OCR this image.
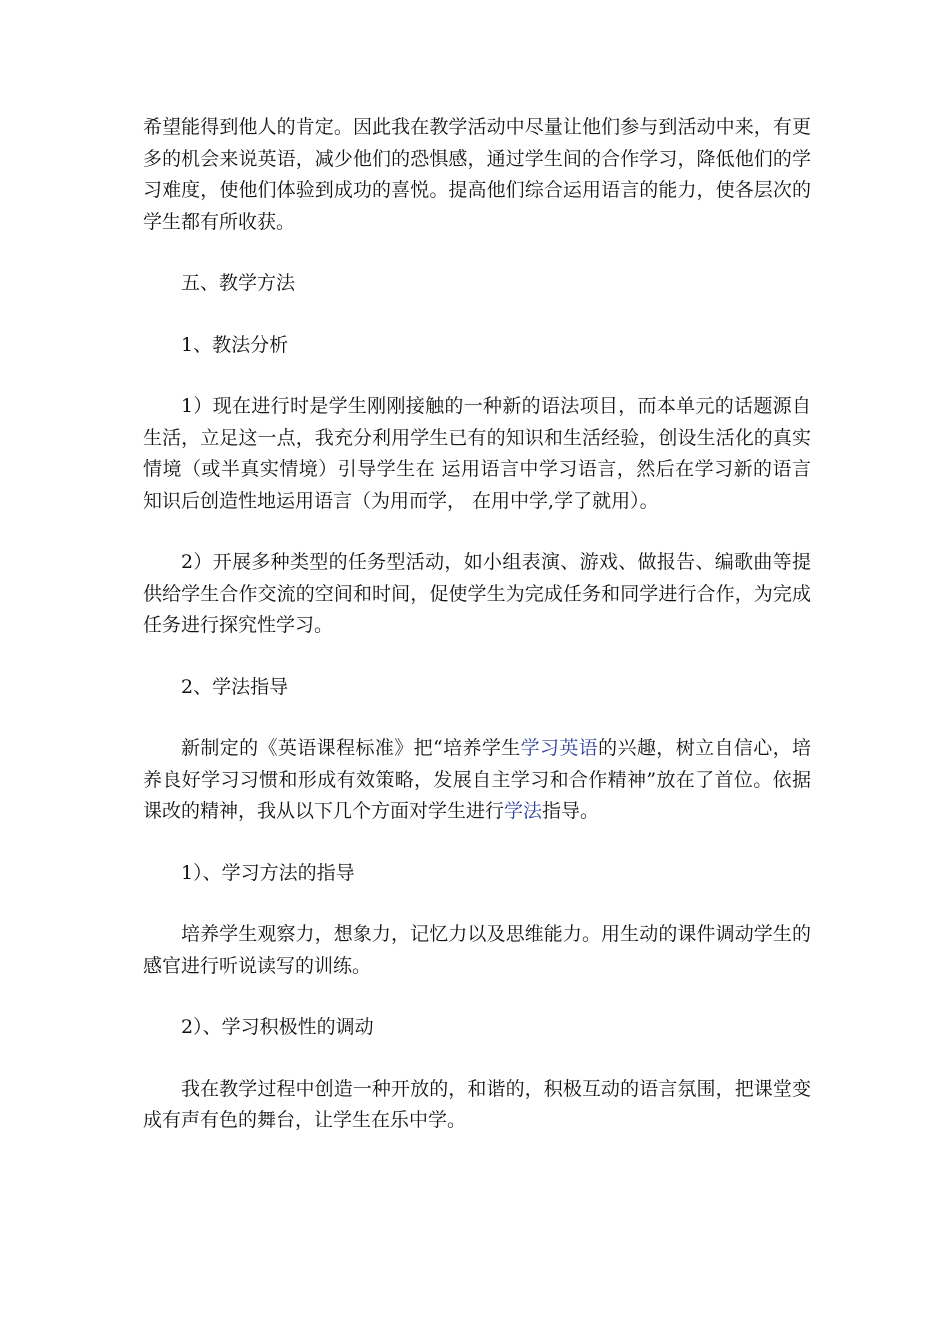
希望能得到他人的肯定。因此我在教学活动中尽量让他们参与到活动中来，有更多的机会来说英语，减少他们的恐惧感，通过学生间的合作学习，降低他们的学习难度，使他们体验到成功的喜悦。提高他们综合运用语言的能力，使各层次的学生都有所收获。

五、教学方法

1、教法分析

1）现在进行时是学生刚刚接触的一种新的语法项目，而本单元的话题源自生活，立足这一点，我充分利用学生已有的知识和生活经验，创设生活化的真实情境（或半真实情境）引导学生在 运用语言中学习语言，然后在学习新的语言知识后创造性地运用语言（为用而学， 在用中学,学了就用）。

2）开展多种类型的任务型活动，如小组表演、游戏、做报告、编歌曲等提供给学生合作交流的空间和时间，促使学生为完成任务和同学进行合作，为完成任务进行探究性学习。

2、学法指导

新制定的《英语课程标准》把“培养学生学习英语的兴趣，树立自信心，培养良好学习习惯和形成有效策略，发展自主学习和合作精神”放在了首位。依据课改的精神，我从以下几个方面对学生进行学法指导。

1）、学习方法的指导

培养学生观察力，想象力，记忆力以及思维能力。用生动的课件调动学生的感官进行听说读写的训练。

2）、学习积极性的调动

我在教学过程中创造一种开放的，和谐的，积极互动的语言氛围，把课堂变成有声有色的舞台，让学生在乐中学。
